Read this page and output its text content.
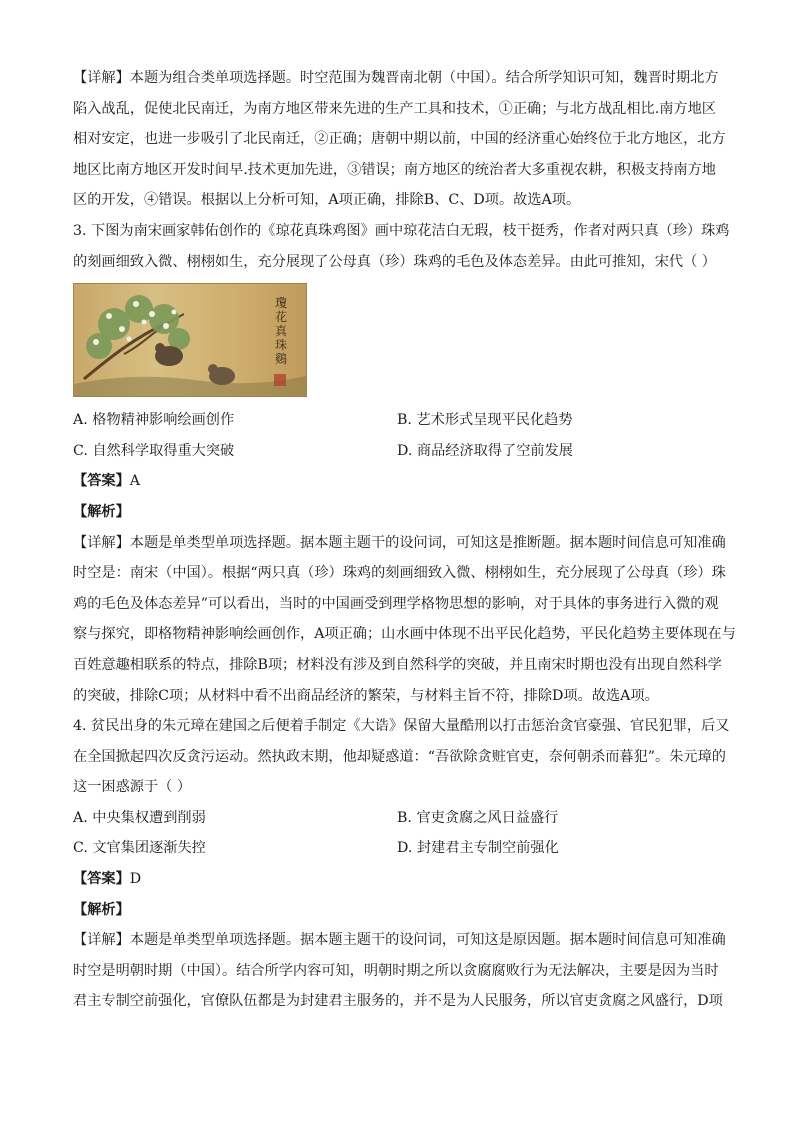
【详解】本题为组合类单项选择题。时空范围为魏晋南北朝（中国）。结合所学知识可知，魏晋时期北方
陷入战乱，促使北民南迁，为南方地区带来先进的生产工具和技术，①正确；与北方战乱相比.南方地区
相对安定，也进一步吸引了北民南迁，②正确；唐朝中期以前，中国的经济重心始终位于北方地区，北方
地区比南方地区开发时间早.技术更加先进，③错误；南方地区的统治者大多重视农耕，积极支持南方地
区的开发，④错误。根据以上分析可知，A项正确，排除B、C、D项。故选A项。

3. 下图为南宋画家韩佑创作的《琼花真珠鸡图》画中琼花洁白无瑕，枝干挺秀，作者对两只真（珍）珠鸡
的刻画细致入微、栩栩如生，充分展现了公母真（珍）珠鸡的毛色及体态差异。由此可推知，宋代（ ）

瓊
花
真
珠
鷄
A. 格物精神影响绘画创作	B. 艺术形式呈现平民化趋势
C. 自然科学取得重大突破	D. 商品经济取得了空前发展

【答案】A
【解析】
【详解】本题是单类型单项选择题。据本题主题干的设问词，可知这是推断题。据本题时间信息可知准确
时空是：南宋（中国）。根据“两只真（珍）珠鸡的刻画细致入微、栩栩如生，充分展现了公母真（珍）珠
鸡的毛色及体态差异”可以看出，当时的中国画受到理学格物思想的影响，对于具体的事务进行入微的观
察与探究，即格物精神影响绘画创作，A项正确；山水画中体现不出平民化趋势，平民化趋势主要体现在与
百姓意趣相联系的特点，排除B项；材料没有涉及到自然科学的突破，并且南宋时期也没有出现自然科学
的突破，排除C项；从材料中看不出商品经济的繁荣，与材料主旨不符，排除D项。故选A项。

4. 贫民出身的朱元璋在建国之后便着手制定《大诰》保留大量酷刑以打击惩治贪官豪强、官民犯罪，后又
在全国掀起四次反贪污运动。然执政末期，他却疑惑道：“吾欲除贪赃官吏，奈何朝杀而暮犯”。朱元璋的
这一困惑源于（ ）

A. 中央集权遭到削弱	B. 官吏贪腐之风日益盛行
C. 文官集团逐渐失控	D. 封建君主专制空前强化

【答案】D
【解析】
【详解】本题是单类型单项选择题。据本题主题干的设问词，可知这是原因题。据本题时间信息可知准确
时空是明朝时期（中国）。结合所学内容可知，明朝时期之所以贪腐腐败行为无法解决，主要是因为当时
君主专制空前强化，官僚队伍都是为封建君主服务的，并不是为人民服务，所以官吏贪腐之风盛行，D项
